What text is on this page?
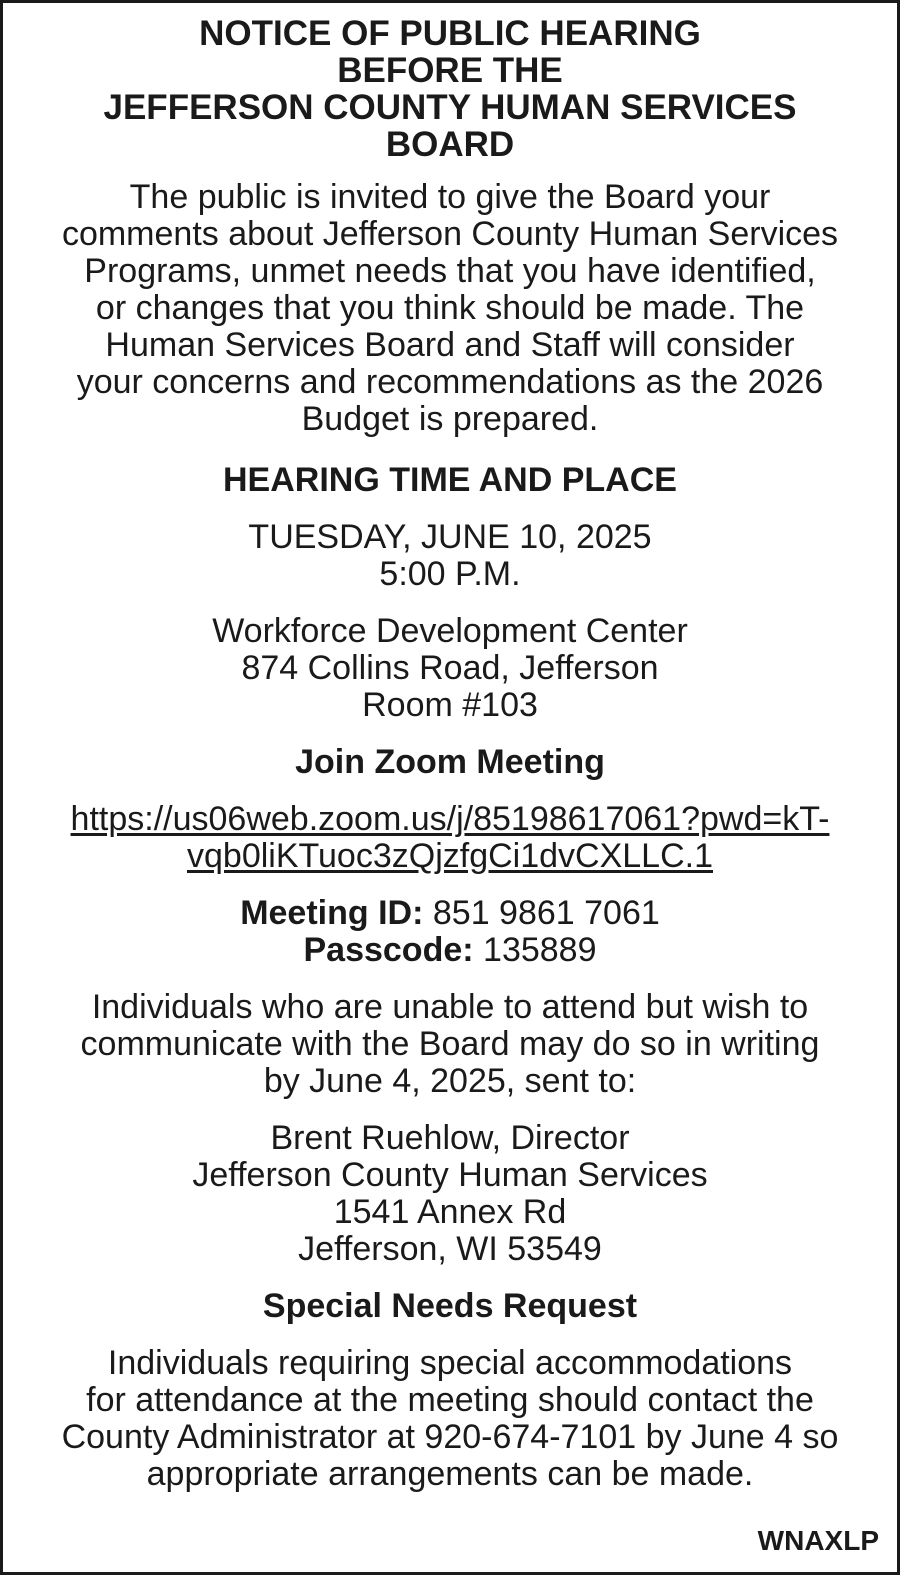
NOTICE OF PUBLIC HEARING
BEFORE THE
JEFFERSON COUNTY HUMAN SERVICES
BOARD

The public is invited to give the Board your
comments about Jefferson County Human Services
Programs, unmet needs that you have identified,
or changes that you think should be made. The
Human Services Board and Staff will consider
your concerns and recommendations as the 2026
Budget is prepared.

HEARING TIME AND PLACE

TUESDAY, JUNE 10, 2025
5:00 P.M.

Workforce Development Center
874 Collins Road, Jefferson
Room #103

Join Zoom Meeting

https://us06web.zoom.us/j/85198617061?pwd=kT-
vqb0liKTuoc3zQjzfgCi1dvCXLLC.1

Meeting ID: 851 9861 7061
Passcode: 135889

Individuals who are unable to attend but wish to
communicate with the Board may do so in writing
by June 4, 2025, sent to:

Brent Ruehlow, Director
Jefferson County Human Services
1541 Annex Rd
Jefferson, WI 53549

Special Needs Request

Individuals requiring special accommodations
for attendance at the meeting should contact the
County Administrator at 920-674-7101 by June 4 so
appropriate arrangements can be made.

WNAXLP
